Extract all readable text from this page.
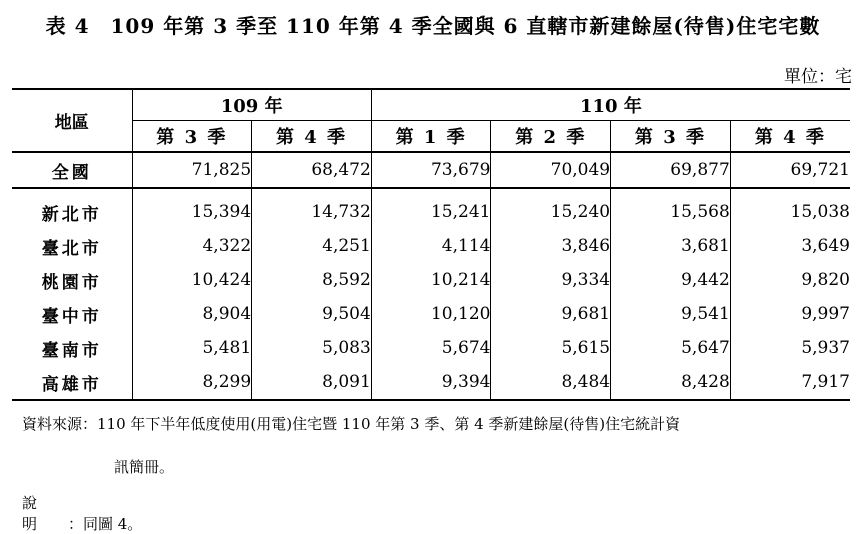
表 4　109 年第 3 季至 110 年第 4 季全國與 6 直轄市新建餘屋(待售)住宅宅數
單位：宅
地區	109 年		110 年			
	第 3 季	第 4 季	第 1 季	第 2 季	第 3 季	第 4 季
全國	71,825	68,472	73,679	70,049	69,877	69,721
新北市	15,394	14,732	15,241	15,240	15,568	15,038
臺北市	4,322	4,251	4,114	3,846	3,681	3,649
桃園市	10,424	8,592	10,214	9,334	9,442	9,820
臺中市	8,904	9,504	10,120	9,681	9,541	9,997
臺南市	5,481	5,083	5,674	5,615	5,647	5,937
高雄市	8,299	8,091	9,394	8,484	8,428	7,917
資料來源：110 年下半年低度使用(用電)住宅暨 110 年第 3 季、第 4 季新建餘屋(待售)住宅統計資
訊簡冊。
說　　明 ：同圖 4。
